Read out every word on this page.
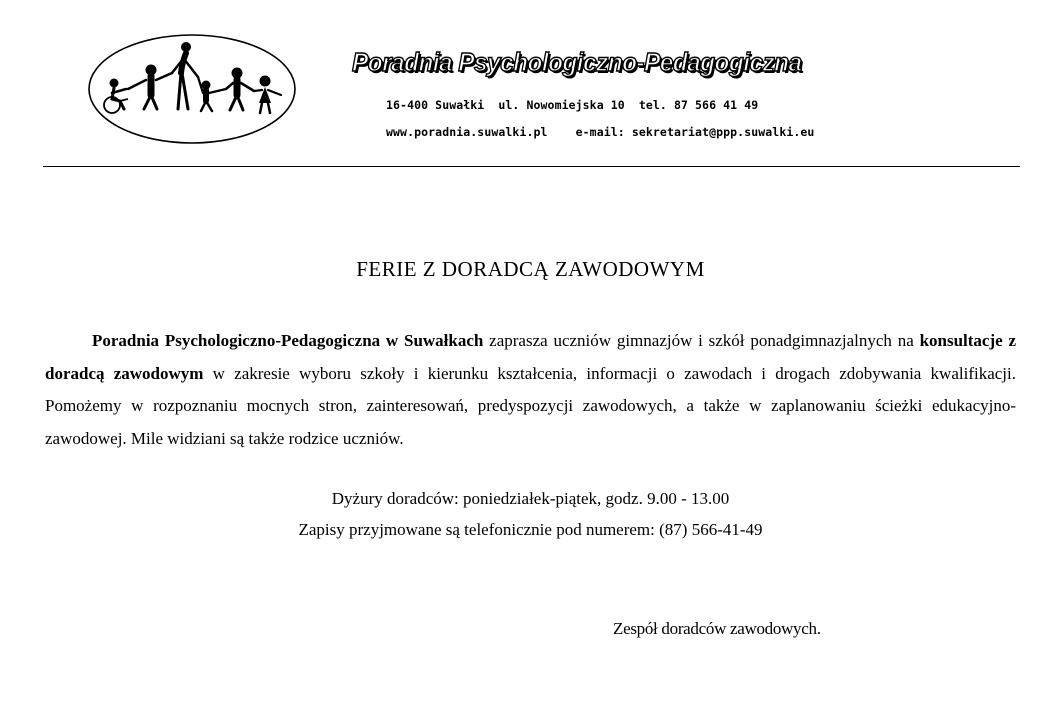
Poradnia Psychologiczno-Pedagogiczna
16-400 Suwałki  ul. Nowomiejska 10  tel. 87 566 41 49
www.poradnia.suwalki.pl    e-mail: sekretariat@ppp.suwalki.eu
FERIE Z DORADCĄ ZAWODOWYM

Poradnia Psychologiczno-Pedagogiczna w Suwałkach zaprasza uczniów gimnazjów i szkół ponadgimnazjalnych na konsultacje z doradcą zawodowym w zakresie wyboru szkoły i kierunku kształcenia, informacji o zawodach i drogach zdobywania kwalifikacji. Pomożemy w rozpoznaniu mocnych stron, zainteresowań, predyspozycji zawodowych, a także w zaplanowaniu ścieżki edukacyjno-zawodowej. Mile widziani są także rodzice uczniów.

Dyżury doradców: poniedziałek-piątek, godz. 9.00 - 13.00
Zapisy przyjmowane są telefonicznie pod numerem: (87) 566-41-49
Zespół doradców zawodowych.
